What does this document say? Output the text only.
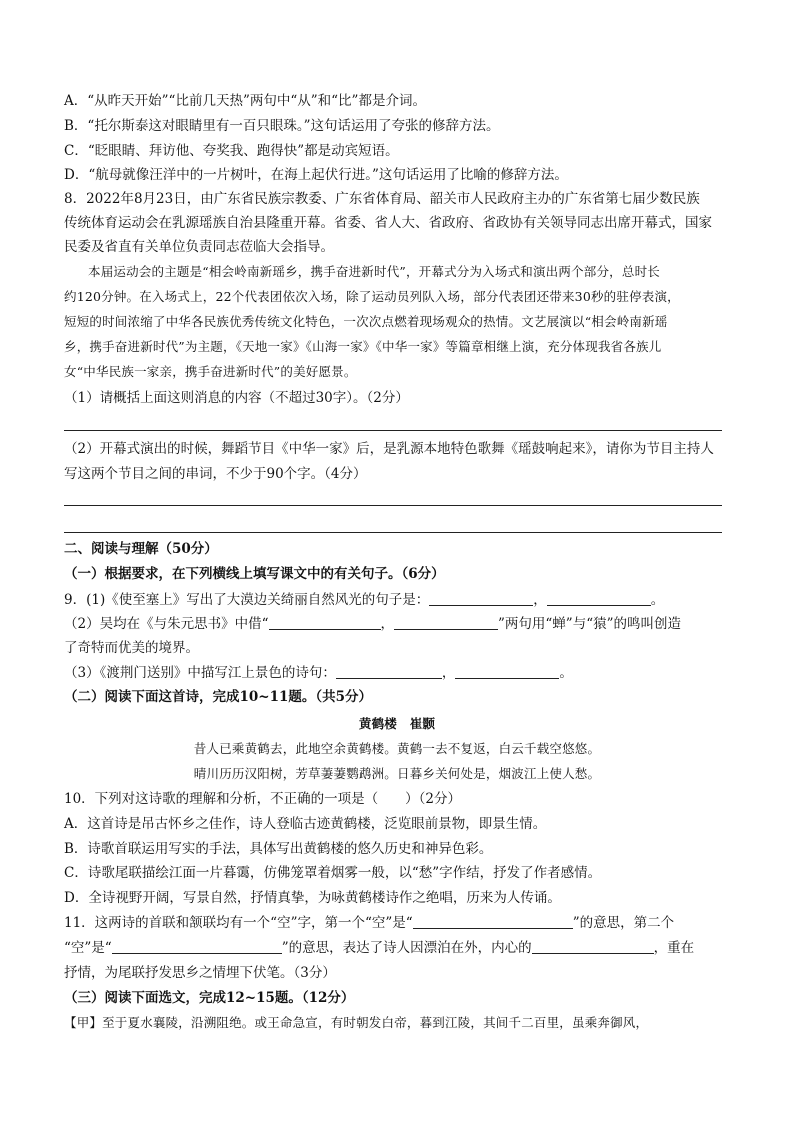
A．“从昨天开始”“比前几天热”两句中“从”和“比”都是介词。
B．“托尔斯泰这对眼睛里有一百只眼珠。”这句话运用了夸张的修辞方法。
C．“眨眼睛、拜访他、夸奖我、跑得快”都是动宾短语。
D．“航母就像汪洋中的一片树叶，在海上起伏行进。”这句话运用了比喻的修辞方法。
8．2022年8月23日，由广东省民族宗教委、广东省体育局、韶关市人民政府主办的广东省第七届少数民族
传统体育运动会在乳源瑶族自治县隆重开幕。省委、省人大、省政府、省政协有关领导同志出席开幕式，国家
民委及省直有关单位负责同志莅临大会指导。
本届运动会的主题是“相会岭南新瑶乡，携手奋进新时代”，开幕式分为入场式和演出两个部分，总时长
约120分钟。在入场式上，22个代表团依次入场，除了运动员列队入场，部分代表团还带来30秒的驻停表演，
短短的时间浓缩了中华各民族优秀传统文化特色，一次次点燃着现场观众的热情。文艺展演以“相会岭南新瑶
乡，携手奋进新时代”为主题，《天地一家》《山海一家》《中华一家》等篇章相继上演，充分体现我省各族儿
女“中华民族一家亲，携手奋进新时代”的美好愿景。
（1）请概括上面这则消息的内容（不超过30字）。（2分）
（2）开幕式演出的时候，舞蹈节目《中华一家》后，是乳源本地特色歌舞《瑶鼓响起来》，请你为节目主持人
写这两个节目之间的串词，不少于90个字。（4分）
二、阅读与理解（50分）
（一）根据要求，在下列横线上填写课文中的有关句子。（6分）
9．(1)《使至塞上》写出了大漠边关绮丽自然风光的句子是：	，	。
（2）吴均在《与朱元思书》中借“	，	”两句用“蝉”与“猿”的鸣叫创造
了奇特而优美的境界。
（3）《渡荆门送别》中描写江上景色的诗句：	，	。
（二）阅读下面这首诗，完成10~11题。（共5分）
黄鹤楼　崔颢
昔人已乘黄鹤去，此地空余黄鹤楼。黄鹤一去不复返，白云千载空悠悠。
晴川历历汉阳树，芳草萋萋鹦鹉洲。日暮乡关何处是，烟波江上使人愁。
10．下列对这诗歌的理解和分析，不正确的一项是（　　）（2分）
A．这首诗是吊古怀乡之佳作，诗人登临古迹黄鹤楼，泛览眼前景物，即景生情。
B．诗歌首联运用写实的手法，具体写出黄鹤楼的悠久历史和神异色彩。
C．诗歌尾联描绘江面一片暮霭，仿佛笼罩着烟雾一般，以“愁”字作结，抒发了作者感情。
D．全诗视野开阔，写景自然，抒情真挚，为咏黄鹤楼诗作之绝唱，历来为人传诵。
11．这两诗的首联和颔联均有一个“空”字，第一个“空”是“	”的意思，第二个
“空”是“	”的意思，表达了诗人因漂泊在外，内心的	，重在
抒情，为尾联抒发思乡之情埋下伏笔。（3分）
（三）阅读下面选文，完成12~15题。（12分）
【甲】至于夏水襄陵，沿溯阻绝。或王命急宣，有时朝发白帝，暮到江陵，其间千二百里，虽乘奔御风，
